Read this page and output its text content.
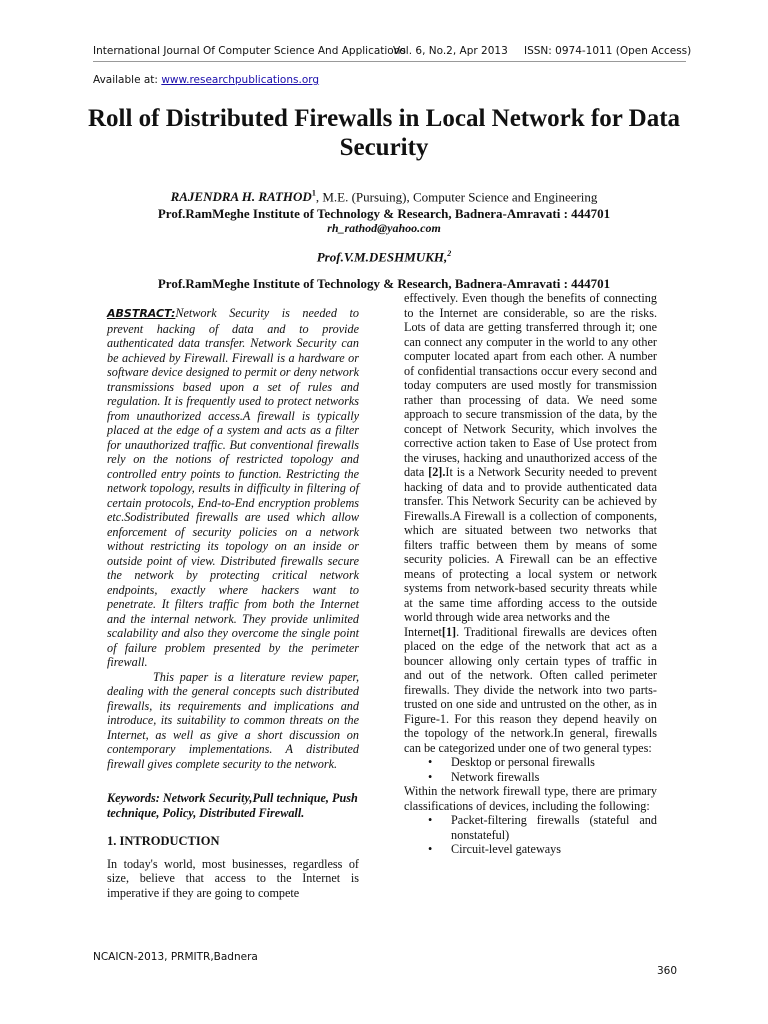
International Journal Of Computer Science And Applications
Vol. 6, No.2, Apr 2013 ISSN: 0974-1011 (Open Access)
Available at: www.researchpublications.org
Roll of Distributed Firewalls in Local Network for Data Security
RAJENDRA H. RATHOD$^1$, M.E. (Pursuing), Computer Science and Engineering
Prof.RamMeghe Institute of Technology & Research, Badnera-Amravati : 444701
rh_rathod@yahoo.com
Prof.V.M.DESHMUKH,$^2$
Prof.RamMeghe Institute of Technology & Research, Badnera-Amravati : 444701

ABSTRACT:Network Security is needed to prevent hacking of data and to provide authenticated data transfer. Network Security can be achieved by Firewall. Firewall is a hardware or software device designed to permit or deny network transmissions based upon a set of rules and regulation. It is frequently used to protect networks from unauthorized access.A firewall is typically placed at the edge of a system and acts as a filter for unauthorized traffic. But conventional firewalls rely on the notions of restricted topology and controlled entry points to function. Restricting the network topology, results in difficulty in filtering of certain protocols, End-to-End encryption problems etc.Sodistributed firewalls are used which allow enforcement of security policies on a network without restricting its topology on an inside or outside point of view. Distributed firewalls secure the network by protecting critical network endpoints, exactly where hackers want to penetrate. It filters traffic from both the Internet and the internal network. They provide unlimited scalability and also they overcome the single point of failure problem presented by the perimeter firewall.

This paper is a literature review paper, dealing with the general concepts such distributed firewalls, its requirements and implications and introduce, its suitability to common threats on the Internet, as well as give a short discussion on contemporary implementations. A distributed firewall gives complete security to the network.

Keywords: Network Security,Pull technique, Push technique, Policy, Distributed Firewall.

1. INTRODUCTION

In today's world, most businesses, regardless of size, believe that access to the Internet is imperative if they are going to compete

effectively. Even though the benefits of connecting to the Internet are considerable, so are the risks. Lots of data are getting transferred through it; one can connect any computer in the world to any other computer located apart from each other. A number of confidential transactions occur every second and today computers are used mostly for transmission rather than processing of data. We need some approach to secure transmission of the data, by the concept of Network Security, which involves the corrective action taken to Ease of Use protect from the viruses, hacking and unauthorized access of the data [2].It is a Network Security needed to prevent hacking of data and to provide authenticated data transfer. This Network Security can be achieved by Firewalls.A Firewall is a collection of components, which are situated between two networks that filters traffic between them by means of some security policies. A Firewall can be an effective means of protecting a local system or network systems from network-based security threats while at the same time affording access to the outside world through wide area networks and the

Internet[1]. Traditional firewalls are devices often placed on the edge of the network that act as a bouncer allowing only certain types of traffic in and out of the network. Often called perimeter firewalls. They divide the network into two parts- trusted on one side and untrusted on the other, as in Figure-1. For this reason they depend heavily on the topology of the network.In general, firewalls can be categorized under one of two general types:

• Desktop or personal firewalls
• Network firewalls

Within the network firewall type, there are primary classifications of devices, including the following:

• Packet-filtering firewalls (stateful and nonstateful)
• Circuit-level gateways
NCAICN-2013, PRMITR,Badnera
360
